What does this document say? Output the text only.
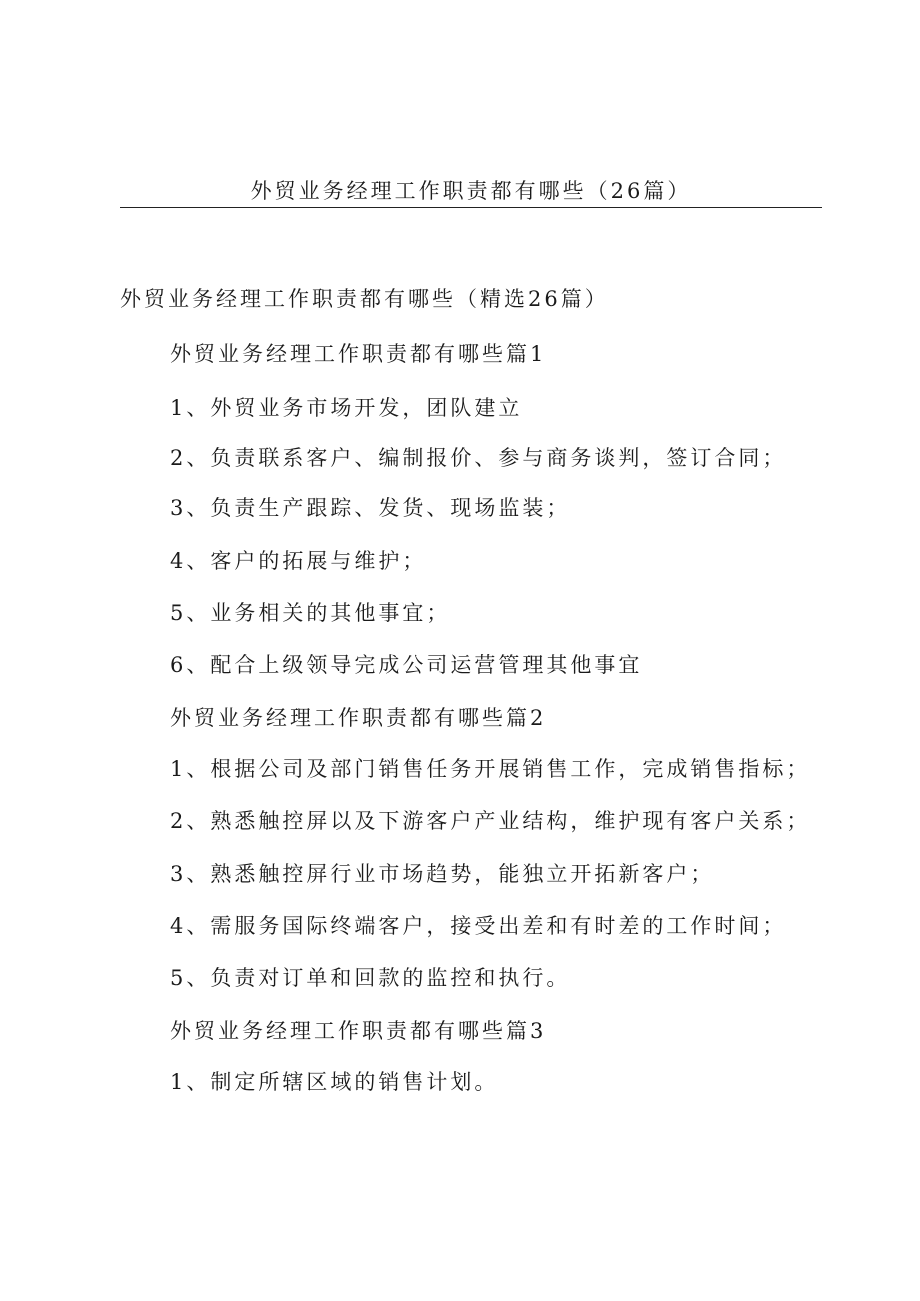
外贸业务经理工作职责都有哪些（26篇）
外贸业务经理工作职责都有哪些（精选26篇）
外贸业务经理工作职责都有哪些篇1
1、外贸业务市场开发，团队建立
2、负责联系客户、编制报价、参与商务谈判，签订合同；
3、负责生产跟踪、发货、现场监装；
4、客户的拓展与维护；
5、业务相关的其他事宜；
6、配合上级领导完成公司运营管理其他事宜
外贸业务经理工作职责都有哪些篇2
1、根据公司及部门销售任务开展销售工作，完成销售指标；
2、熟悉触控屏以及下游客户产业结构，维护现有客户关系；
3、熟悉触控屏行业市场趋势，能独立开拓新客户；
4、需服务国际终端客户，接受出差和有时差的工作时间；
5、负责对订单和回款的监控和执行。
外贸业务经理工作职责都有哪些篇3
1、制定所辖区域的销售计划。
